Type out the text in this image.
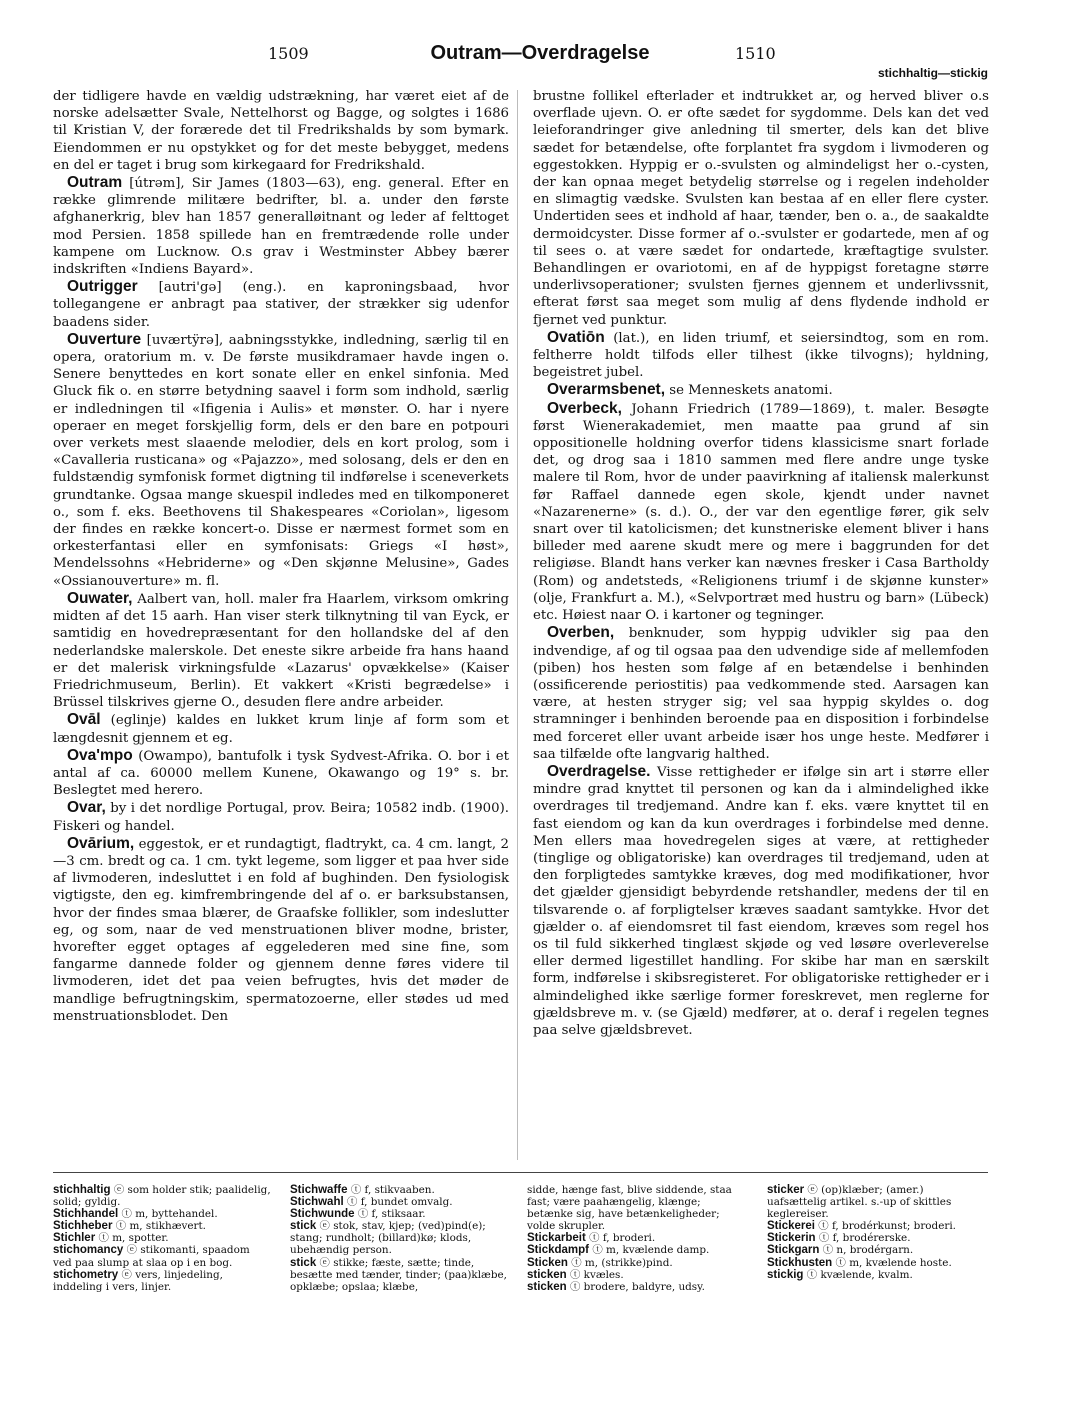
1509	Outram—Overdragelse	1510
stichhaltig—stickig

der tidligere havde en vældig udstrækning, har været eiet af de norske adelsætter Svale, Nettelhorst og Bagge, og solgtes i 1686 til Kristian V, der forærede det til Fredrikshalds by som bymark. Eiendommen er nu opstykket og for det meste bebygget, medens en del er taget i brug som kirkegaard for Fredrikshald.

Outram [útrəm], Sir James (1803—63), eng. general. Efter en række glimrende militære bedrifter, bl. a. under den første afghanerkrig, blev han 1857 generalløitnant og leder af felttoget mod Persien. 1858 spillede han en fremtrædende rolle under kampene om Lucknow. O.s grav i Westminster Abbey bærer indskriften «Indiens Bayard».

Outrigger [autri'gə] (eng.). en kaproningsbaad, hvor tollegangene er anbragt paa stativer, der strækker sig udenfor baadens sider.

Ouverture [uværtÿrə], aabningsstykke, indledning, særlig til en opera, oratorium m. v. De første musikdramaer havde ingen o. Senere benyttedes en kort sonate eller en enkel sinfonia. Med Gluck fik o. en større betydning saavel i form som indhold, særlig er indledningen til «Ifigenia i Aulis» et mønster. O. har i nyere operaer en meget forskjellig form, dels er den bare en potpouri over verkets mest slaaende melodier, dels en kort prolog, som i «Cavalleria rusticana» og «Pajazzo», med solosang, dels er den en fuldstændig symfonisk formet digtning til indførelse i sceneverkets grundtanke. Ogsaa mange skuespil indledes med en tilkomponeret o., som f. eks. Beethovens til Shakespeares «Coriolan», ligesom der findes en række koncert-o. Disse er nærmest formet som en orkesterfantasi eller en symfonisats: Griegs «I høst», Mendelssohns «Hebriderne» og «Den skjønne Melusine», Gades «Ossianouverture» m. fl.

Ouwater, Aalbert van, holl. maler fra Haarlem, virksom omkring midten af det 15 aarh. Han viser sterk tilknytning til van Eyck, er samtidig en hovedrepræsentant for den hollandske del af den nederlandske malerskole. Det eneste sikre arbeide fra hans haand er det malerisk virkningsfulde «Lazarus' opvækkelse» (Kaiser Friedrichmuseum, Berlin). Et vakkert «Kristi begrædelse» i Brüssel tilskrives gjerne O., desuden flere andre arbeider.

Ovāl (eglinje) kaldes en lukket krum linje af form som et længdesnit gjennem et eg.

Ova'mpo (Owampo), bantufolk i tysk Sydvest-Afrika. O. bor i et antal af ca. 60000 mellem Kunene, Okawango og 19° s. br. Beslegtet med herero.

Ovar, by i det nordlige Portugal, prov. Beira; 10582 indb. (1900). Fiskeri og handel.

Ovārium, eggestok, er et rundagtigt, fladtrykt, ca. 4 cm. langt, 2—3 cm. bredt og ca. 1 cm. tykt legeme, som ligger et paa hver side af livmoderen, indesluttet i en fold af bughinden. Den fysiologisk vigtigste, den eg. kimfrembringende del af o. er barksubstansen, hvor der findes smaa blærer, de Graafske follikler, som indeslutter eg, og som, naar de ved menstruationen bliver modne, brister, hvorefter egget optages af eggelederen med sine fine, som fangarme dannede folder og gjennem denne føres videre til livmoderen, idet det paa veien befrugtes, hvis det møder de mandlige befrugtningskim, spermatozoerne, eller stødes ud med menstruationsblodet. Den

brustne follikel efterlader et indtrukket ar, og herved bliver o.s overflade ujevn. O. er ofte sædet for sygdomme. Dels kan det ved leieforandringer give anledning til smerter, dels kan det blive sædet for betændelse, ofte forplantet fra sygdom i livmoderen og eggestokken. Hyppig er o.-svulsten og almindeligst her o.-cysten, der kan opnaa meget betydelig størrelse og i regelen indeholder en slimagtig vædske. Svulsten kan bestaa af en eller flere cyster. Undertiden sees et indhold af haar, tænder, ben o. a., de saakaldte dermoidcyster. Disse former af o.-svulster er godartede, men af og til sees o. at være sædet for ondartede, kræftagtige svulster. Behandlingen er ovariotomi, en af de hyppigst foretagne større underlivsoperationer; svulsten fjernes gjennem et underlivssnit, efterat først saa meget som mulig af dens flydende indhold er fjernet ved punktur.

Ovatiōn (lat.), en liden triumf, et seiersindtog, som en rom. feltherre holdt tilfods eller tilhest (ikke tilvogns); hyldning, begeistret jubel.

Overarmsbenet, se Menneskets anatomi.

Overbeck, Johann Friedrich (1789—1869), t. maler. Besøgte først Wienerakademiet, men maatte paa grund af sin oppositionelle holdning overfor tidens klassicisme snart forlade det, og drog saa i 1810 sammen med flere andre unge tyske malere til Rom, hvor de under paavirkning af italiensk malerkunst før Raffael dannede egen skole, kjendt under navnet «Nazarenerne» (s. d.). O., der var den egentlige fører, gik selv snart over til katolicismen; det kunstneriske element bliver i hans billeder med aarene skudt mere og mere i baggrunden for det religiøse. Blandt hans verker kan nævnes fresker i Casa Bartholdy (Rom) og andetsteds, «Religionens triumf i de skjønne kunster» (olje, Frankfurt a. M.), «Selvportræt med hustru og barn» (Lübeck) etc. Høiest naar O. i kartoner og tegninger.

Overben, benknuder, som hyppig udvikler sig paa den indvendige, af og til ogsaa paa den udvendige side af mellemfoden (piben) hos hesten som følge af en betændelse i benhinden (ossificerende periostitis) paa vedkommende sted. Aarsagen kan være, at hesten stryger sig; vel saa hyppig skyldes o. dog stramninger i benhinden beroende paa en disposition i forbindelse med forceret eller uvant arbeide især hos unge heste. Medfører i saa tilfælde ofte langvarig halthed.

Overdragelse. Visse rettigheder er ifølge sin art i større eller mindre grad knyttet til personen og kan da i almindelighed ikke overdrages til tredjemand. Andre kan f. eks. være knyttet til en fast eiendom og kan da kun overdrages i forbindelse med denne. Men ellers maa hovedregelen siges at være, at rettigheder (tinglige og obligatoriske) kan overdrages til tredjemand, uden at den forpligtedes samtykke kræves, dog med modifikationer, hvor det gjælder gjensidigt bebyrdende retshandler, medens der til en tilsvarende o. af forpligtelser kræves saadant samtykke. Hvor det gjælder o. af eiendomsret til fast eiendom, kræves som regel hos os til fuld sikkerhed tinglæst skjøde og ved løsøre overleverelse eller dermed ligestillet handling. For skibe har man en særskilt form, indførelse i skibsregisteret. For obligatoriske rettigheder er i almindelighed ikke særlige former foreskrevet, men reglerne for gjældsbreve m. v. (se Gjæld) medfører, at o. deraf i regelen tegnes paa selve gjældsbrevet.

stichhaltig ⓔ som holder stik; paalidelig, solid; gyldig.

Stichhandel ⓣ m, byttehandel.

Stichheber ⓣ m, stikhævert.

Stichler ⓣ m, spotter.

stichomancy ⓔ stikomanti, spaadom ved paa slump at slaa op i en bog.

stichometry ⓔ vers, linjedeling, inddeling i vers, linjer.

Stichwaffe ⓣ f, stikvaaben.

Stichwahl ⓣ f, bundet omvalg.

Stichwunde ⓣ f, stiksaar.

stick ⓔ stok, stav, kjep; (ved)pind(e); stang; rundholt; (billard)kø; klods, ubehændig person.

stick ⓔ stikke; fæste, sætte; tinde, besætte med tænder, tinder; (paa)klæbe, opklæbe; opslaa; klæbe,

sidde, hænge fast, blive siddende, staa fast; være paahængelig, klænge; betænke sig, have betænkeligheder; volde skrupler.

Stickarbeit ⓣ f, broderi.

Stickdampf ⓣ m, kvælende damp.

Sticken ⓣ m, (strikke)pind.

sticken ⓣ kvæles.

sticken ⓣ brodere, baldyre, udsy.

sticker ⓔ (op)klæber; (amer.) uafsættelig artikel. s.-up of skittles keglereiser.

Stickerei ⓣ f, brodérkunst; broderi.

Stickerin ⓣ f, brodérerske.

Stickgarn ⓣ n, brodérgarn.

Stickhusten ⓣ m, kvælende hoste.

stickig ⓣ kvælende, kvalm.
